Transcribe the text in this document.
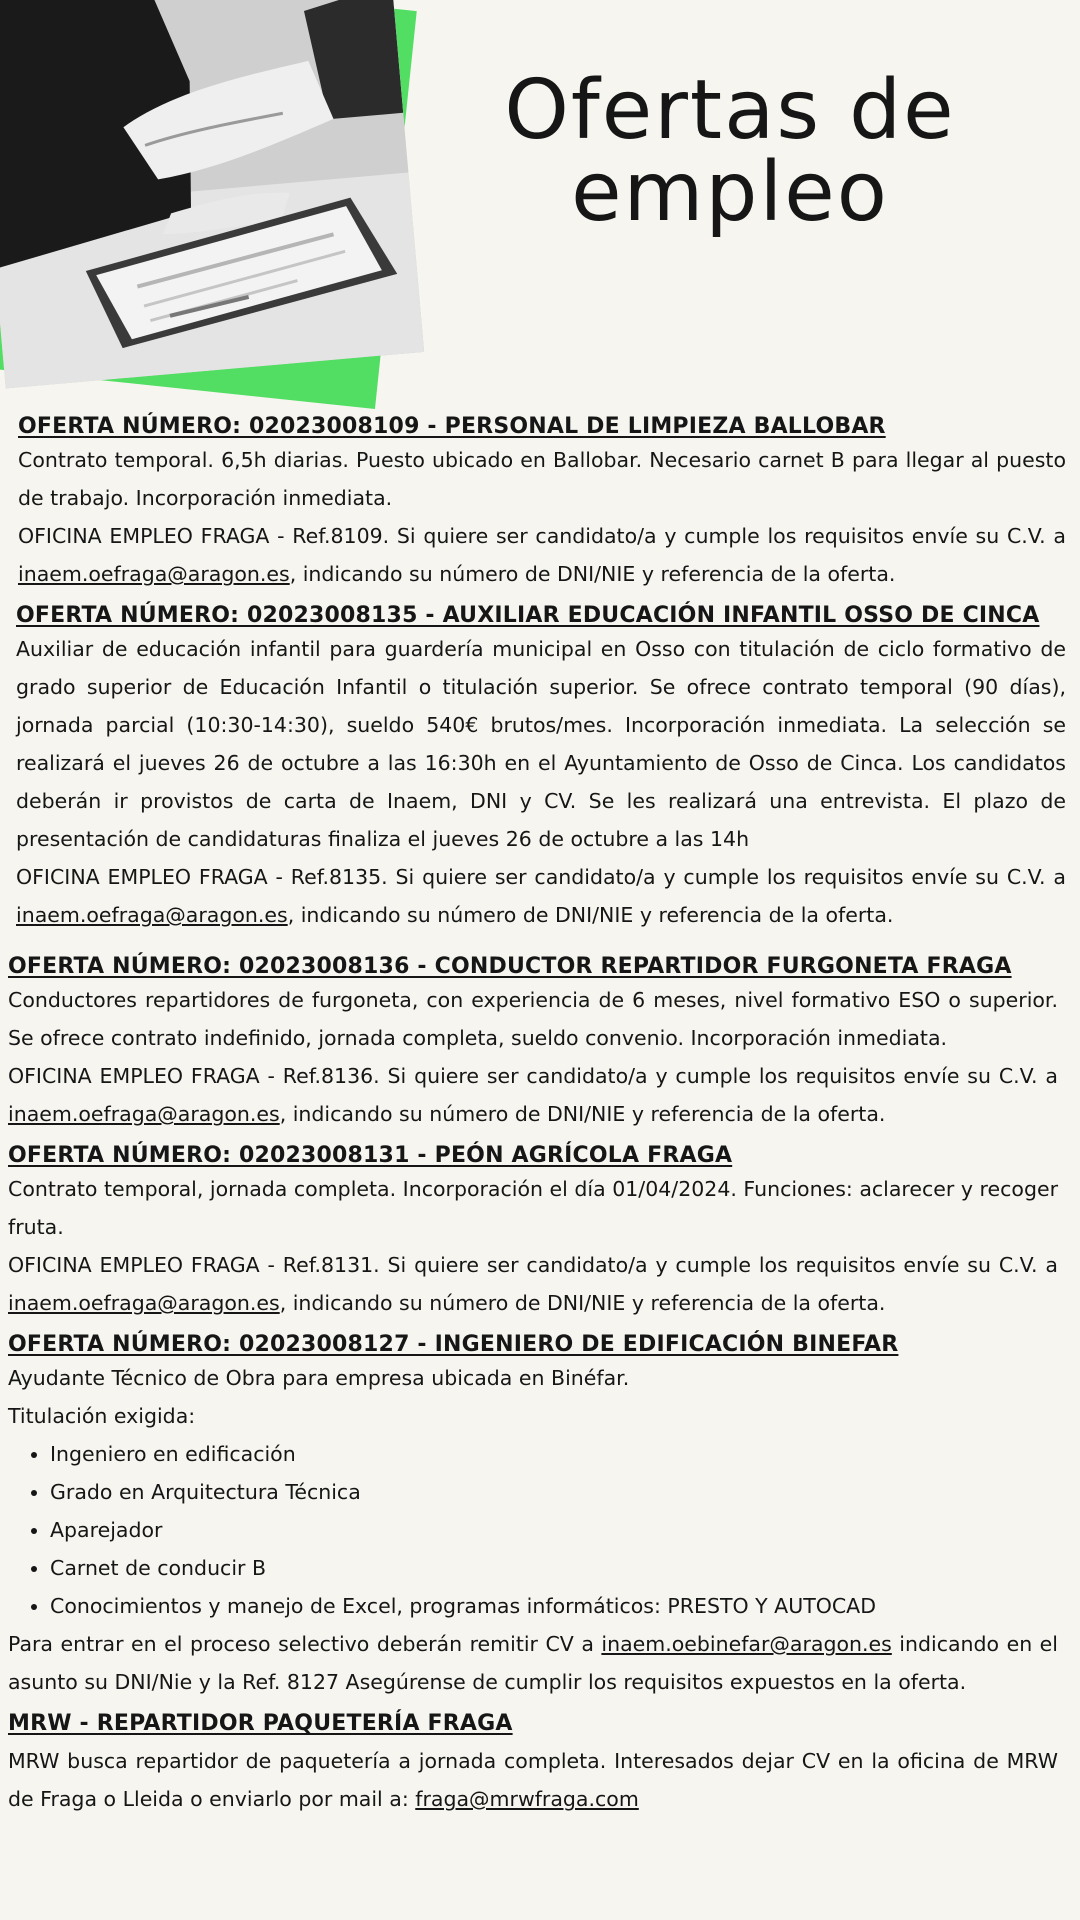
Ofertas de
empleo
OFERTA NÚMERO: 02023008109 - PERSONAL DE LIMPIEZA BALLOBAR

Contrato temporal. 6,5h diarias. Puesto ubicado en Ballobar. Necesario carnet B para llegar al puesto de trabajo. Incorporación inmediata.

OFICINA EMPLEO FRAGA - Ref.8109. Si quiere ser candidato/a y cumple los requisitos envíe su C.V. a inaem.oefraga@aragon.es, indicando su número de DNI/NIE y referencia de la oferta.

OFERTA NÚMERO: 02023008135 - AUXILIAR EDUCACIÓN INFANTIL OSSO DE CINCA

Auxiliar de educación infantil para guardería municipal en Osso con titulación de ciclo formativo de grado superior de Educación Infantil o titulación superior. Se ofrece contrato temporal (90 días), jornada parcial (10:30-14:30), sueldo 540€ brutos/mes. Incorporación inmediata. La selección se realizará el jueves 26 de octubre a las 16:30h en el Ayuntamiento de Osso de Cinca. Los candidatos deberán ir provistos de carta de Inaem, DNI y CV. Se les realizará una entrevista. El plazo de presentación de candidaturas finaliza el jueves 26 de octubre a las 14h

OFICINA EMPLEO FRAGA - Ref.8135. Si quiere ser candidato/a y cumple los requisitos envíe su C.V. a inaem.oefraga@aragon.es, indicando su número de DNI/NIE y referencia de la oferta.

OFERTA NÚMERO: 02023008136 - CONDUCTOR REPARTIDOR FURGONETA FRAGA

Conductores repartidores de furgoneta, con experiencia de 6 meses, nivel formativo ESO o superior. Se ofrece contrato indefinido, jornada completa, sueldo convenio. Incorporación inmediata.

OFICINA EMPLEO FRAGA - Ref.8136. Si quiere ser candidato/a y cumple los requisitos envíe su C.V. a inaem.oefraga@aragon.es, indicando su número de DNI/NIE y referencia de la oferta.

OFERTA NÚMERO: 02023008131 - PEÓN AGRÍCOLA FRAGA

Contrato temporal, jornada completa. Incorporación el día 01/04/2024. Funciones: aclarecer y recoger fruta.

OFICINA EMPLEO FRAGA - Ref.8131. Si quiere ser candidato/a y cumple los requisitos envíe su C.V. a inaem.oefraga@aragon.es, indicando su número de DNI/NIE y referencia de la oferta.

OFERTA NÚMERO: 02023008127 - INGENIERO DE EDIFICACIÓN BINEFAR

Ayudante Técnico de Obra para empresa ubicada en Binéfar.

Titulación exigida:

• Ingeniero en edificación
• Grado en Arquitectura Técnica
• Aparejador
• Carnet de conducir B
• Conocimientos y manejo de Excel, programas informáticos: PRESTO Y AUTOCAD

Para entrar en el proceso selectivo deberán remitir CV a inaem.oebinefar@aragon.es indicando en el asunto su DNI/Nie y la Ref. 8127 Asegúrense de cumplir los requisitos expuestos en la oferta.

MRW - REPARTIDOR PAQUETERÍA FRAGA

MRW busca repartidor de paquetería a jornada completa. Interesados dejar CV en la oficina de MRW de Fraga o Lleida o enviarlo por mail a: fraga@mrwfraga.com
